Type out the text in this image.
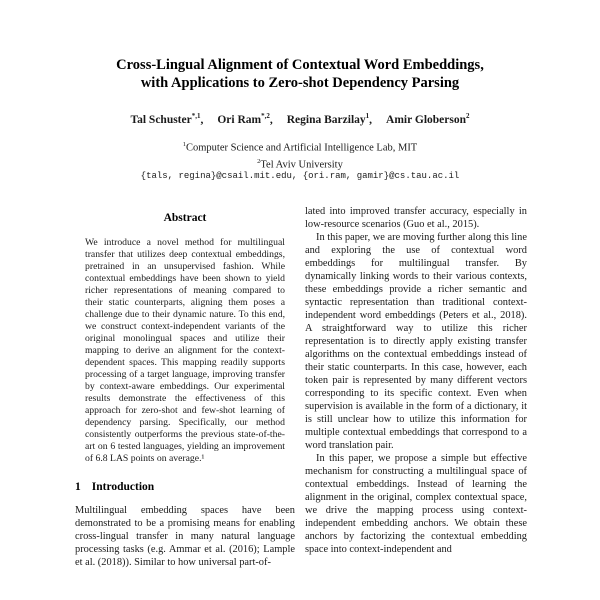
Cross-Lingual Alignment of Contextual Word Embeddings,
with Applications to Zero-shot Dependency Parsing
Tal Schuster$^{*,1}$, Ori Ram$^{*,2}$, Regina Barzilay$^1$, Amir Globerson$^2$
$^1$Computer Science and Artificial Intelligence Lab, MIT
$^2$Tel Aviv University
{tals, regina}@csail.mit.edu, {ori.ram, gamir}@cs.tau.ac.il
Abstract

We introduce a novel method for multilingual transfer that utilizes deep contextual embeddings, pretrained in an unsupervised fashion. While contextual embeddings have been shown to yield richer representations of meaning compared to their static counterparts, aligning them poses a challenge due to their dynamic nature. To this end, we construct context-independent variants of the original monolingual spaces and utilize their mapping to derive an alignment for the context-dependent spaces. This mapping readily supports processing of a target language, improving transfer by context-aware embeddings. Our experimental results demonstrate the effectiveness of this approach for zero-shot and few-shot learning of dependency parsing. Specifically, our method consistently outperforms the previous state-of-the-art on 6 tested languages, yielding an improvement of 6.8 LAS points on average.¹

1 Introduction

Multilingual embedding spaces have been demonstrated to be a promising means for enabling cross-lingual transfer in many natural language processing tasks (e.g. Ammar et al. (2016); Lample et al. (2018)). Similar to how universal part-of-

lated into improved transfer accuracy, especially in low-resource scenarios (Guo et al., 2015).

In this paper, we are moving further along this line and exploring the use of contextual word embeddings for multilingual transfer. By dynamically linking words to their various contexts, these embeddings provide a richer semantic and syntactic representation than traditional context-independent word embeddings (Peters et al., 2018). A straightforward way to utilize this richer representation is to directly apply existing transfer algorithms on the contextual embeddings instead of their static counterparts. In this case, however, each token pair is represented by many different vectors corresponding to its specific context. Even when supervision is available in the form of a dictionary, it is still unclear how to utilize this information for multiple contextual embeddings that correspond to a word translation pair.

In this paper, we propose a simple but effective mechanism for constructing a multilingual space of contextual embeddings. Instead of learning the alignment in the original, complex contextual space, we drive the mapping process using context-independent embedding anchors. We obtain these anchors by factorizing the contextual embedding space into context-independent and
